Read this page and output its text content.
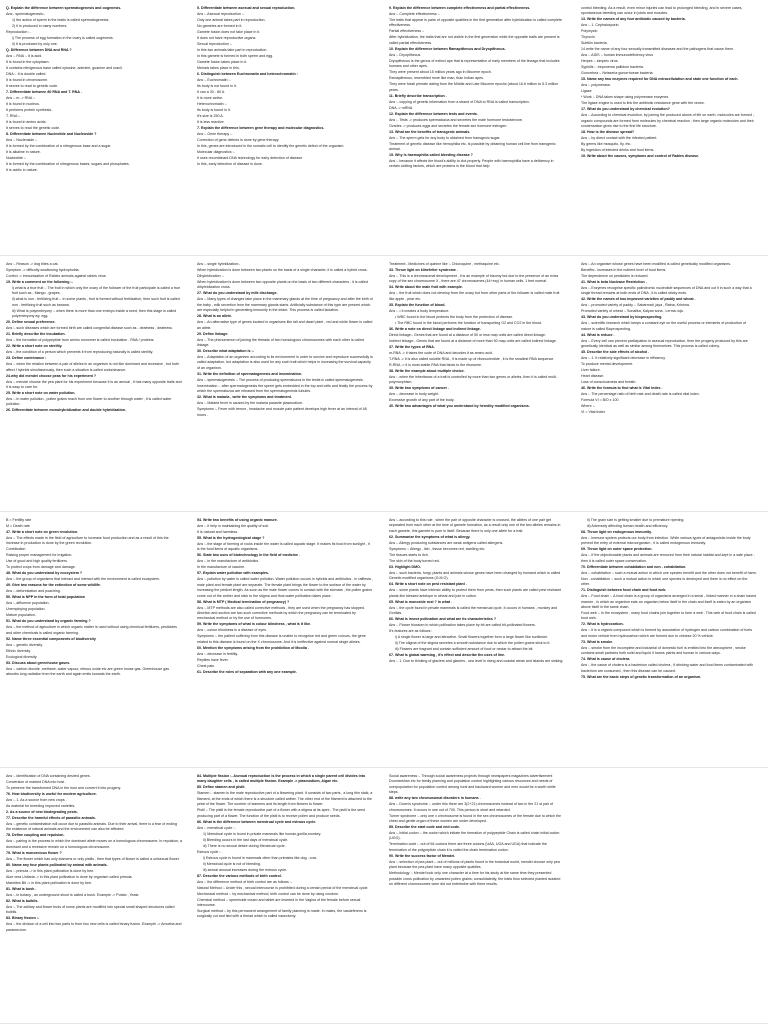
Q. Explain the difference between spermatogenesis and oogenesis.

Ans:- spermatogenesis:-

1) the action of sperm in the testis is called spermatogenesis.

2) It is produced in many numbers.

Reproduction :-

i) The process of egg formation in the ovary is called oogenesis.

ii) It is produced by only one.

Q. Difference between DNA and RNA ?

Ans :- RNA :- It is acid.

It is found in the cytoplasm.

It contains nitrogenous base called cytosine, adenine, guanine and uracil.

DNA :- It is double called.

It is found in chromosome.

It serves to read to genetic code.

7. Differentiate between 80 RNA and T. RNA .

Ans :- m -> RNA :-

It is found in nucleus.

It performs protein synthesis.

T. RNA :-

It is found in amino acids.

It serves to read the genetic code.

8. Differentiate between Nucleotide and Nucleoside ?

Ans :- Nucleoside :-

It is formed by the combination of a nitrogenous base and a sugar.

It is alkaline in nature.

Nucleotide :-

It is formed by the combination of nitrogenous bases, sugars and phosphates.

It is acidic in nature.

5. Differentiate between asexual and sexual reproduction.

Ans :- Asexual reproduction :-

Only one animal takes part in reproduction.

No gametes are formed in it.

Gamete fusion does not take place in it.

It does not have reproductive organs.

Sexual reproduction :-

In this two animals take part in reproduction.

In this gamete is formed in both sperm and egg.

Gamete fusion takes place in it.

Meiosis takes place in this.

6. Distinguish between Euchromatin and heterochromatin :

Ans :- Euchromatin :-

Its body is not found in it.

It can a 30 - 80 A.

It is more active.

Heterochromatin :-

Its body is found in it.

It's size is 250 A.

It is less reactive.

7. Explain the difference between gene therapy and molecular diagnostics.

Ans :- Gene therapy :-

Correction of gene defects is done by gene therapy.

In this, genes are introduced in the somatic cell to identify the genetic defect of the organism.

Molecular diagnostics :-

It uses recombinant DNA technology for early detection of disease.

In this, early detection of disease is done.

9. Explain the difference between complete effectiveness and partial effectiveness.

Ans :- Complete effectiveness :-

The traits that appear in pairs of opposite qualities in the first generation after hybridization is called complete effectiveness.

Partial effectiveness :-

After hybridization, the traits that are not visible in the first generation while the opposite traits are present is called partial effectiveness.

10. Explain the difference between Ramapithecus and Dryopithecus.

Ans :- Dryopithecus

Dryopithecus is the genus of extinct ape that is representative of early members of the lineage that includes humans and other apes.

They were present about 15 million years ago in Miocene epoch.

Ramapithecus, resembled more like man, than Indian apes.

They were fossil primate dating from the Middle and Late Miocene epochs (about 16.6 million to 5.3 million years.

11. Briefly describe transcription .

Ans :- copying of genetic information from a strand of DNA to RNA is called transcription.

DNA -> mRNA

12. Explain the difference between tests and events.

Ans :- Tests -> produces spermatozoa and secretes the male hormone testosterone.

Ovaries -> produces eggs and secretes the female sex hormone estrogen.

13. What are the benefits of transgenic animals.

Ans :- The sperm gets for any body to obtained from transgenic sugar.

Treatment of genetic disease like hemophilia etc. is possible by obtaining human cell line from transgenic animal.

15. Why is haemophilia called bleeding disease ?

Ans :- because it affects the blood's ability to clot properly. People with haemophilia have a deficiency in certain clotting factors, which are proteins in the blood that help

control bleeding. As a result, even minor injuries can lead to prolonged bleeding, and in severe cases, spontaneous bleeding can occur in joints and muscles.

13. Write the names of any four antibiotic caused by bacteria.

Ans :- 1. Cephalosporin

Polymyxin

Thyrocin

Subtilin bacteria.

14 write the name of any four sexually transmitted diseases and the pathogens that cause them.

Ans :- AIDS :- human immunodeficiency virus

Herpes :- simplex virus.

Syphilis :- treponema pallidum bacteria.

Gonorrhea :- Neisseria gonorrhoeae bacteria.

15. Name any two enzymes required for DNA extracellulation and state one function of each.

Ans :- polymerase.

Ligase

* Work :- DNA takes shape using polymerase enzymes.

The ligase engine is used to link the antibiotic resistance gene with the vector.

17. What do you understand by chemical evolution?

Ans :- According to chemical evolution, by joining the produced atoms of life on earth, molecules are formed ; organic compounds are formed from molecules by chemical reaction ; then large organic molecules and their condensation gives rise to the first life structure.

18. How is the disease spread?

Ans :- by direct contact with the infected patient.

By germs like mosquito, fly, etc.

By ingestion of infected drinks and food items.

19. Write about the causes, symptoms and control of Rabies disease.

Ans :- Reason -> dog bites a cat.

Symptom -> difficulty swallowing hydrophobia.

Control -> immunisation of Rabies animals against rabies virus.

19. Write a comment on the following :-

i) what is a true fruit :- The fruit in which only the ovary of the follower of the fruit participate is called a true fruit such as - Mango , grapes.

ii) what is non - fertilizing fruit :- In some plants , fruit is formed without fertilization, then such fruit is called non - fertilizing fruit such as banana.

iii) What is polyembryony :- when there is more than one embryo inside a seed, then this stage is called polyembryony eg: egg.

20. Define sexual preference.

Ans :- such diseases which are formed birth are called congenital disease such as - deafness , deafness.

21. Briefly describe the incubation.

Ans :- the formation of polypeptide from amino monomer is called incubation . RNA / proteins.

22. Write a short note on sterility.

Ans :- the condition of a person which prevents it from reproducing naturally is called sterility.

23. Define contrivance :

Ans :- when the relation between a pair of alleles in an organism is not like dominant and recessive , but both affect f hybrids simultaneously, then such a situation is called codominance.

24.why did mendel choose peas for his experiment ?

Ans :- mendel choose the pea plant for his experiment because it is an annual , it has many opposite traits and it is easy to care for.

25. Write a short note on water pollution.

Ans :- In water pollution , pollen grains reach from one flower to another through water , it is called water pollution.

26. Differentiate between monohybridization and double hybridization.

Ans :- single hybridization:-

When hybridization is done between two plants on the basis of a single character, it is called a hybrid cross.

Dihybridization :-

When hybridization is done between two opposite plants on the basis of two different characters , it is called dihybridization cross.

27. What do you understand by milk discharge.

Ans :- Many types of changes take place in the mammary glands at the time of pregnancy and after the birth of the baby , milk secretion from the mammary glands starts. Artificially substance of this type are present which are especially helpful in generating immunity in the infant. This process is called lactation.

28. What is an allele.

Ans :- An alternative type of genes located in organisms like tall and dwarf plant , red and white flower is called an allele.

29. Define linkage.

Ans :- The phenomenon of joining the threads of two homologous chromosomes with each other is called linkage.

30. Describe what adaptation is :-

Ans :- Adaptation of an organism according to its environment in order to survive and reproduce successfully is called adaptation, but adaptation is also used for any such trait which helps in increasing the survival capacity of an organism.

31. Write the definition of spermatogenesis and insemination.

Ans :- spermatogenesis :- The process of producing spermatozoa in the testis is called spermatogenesis.

Insemination :- after spermatogenesis the sperm gets embedded in the top and cells and finally the process by which the spermatozoa are released from the spermatogenesis tubules.

32. What is malaria , write the symptoms and treatment.

Ans :- Malaria fever is caused by the malaria parasite plasmodium.

Symptoms :- Fever with tremor , headache and muscle pain patient develops high fever at an interval of 48 hours .

Treatment:- Medicines of quinine like :- Chloroquine , methaquine etc.

33. Throw light on klinefelter syndrome .

Ans :- This is a chromosomal development , it is an example of trisomy but due to the presence of an extra copy of the sex chromosome X , there are 47 chromosomes (44+xxy) in human cells. 1 feet normal.

34. Write about the male fruit with example.

Ans :- the fruit which does not develop from the ovary but from other parts of the follower is called male fruit like apple , pear etc.

35. Explain the function of blood.

Ans :- • it creates a body temperature.

• WBC found in the blood protects the body from the protection of disease.

• The RBC found in the blood performs the function of transporting O2 and CO2 in the blood.

36. Write a note on direct linkage and indirect linkage.

Direct linkage:- Genes that are found at a distance of 50 or less map units are called direct linkage.

Indirect linkage:- Genes that are found at a distance of more than 50 map units are called indirect linkage.

37. Write the types of RNA.

m-RNA -> it takes the code of DNA and decodes it as amino acid.

T-RNA -> it is also called soluble RNA , it is made up of ribonucleotide , it is the smallest RNA sequence.

R-RNA -> it is most stable RNA that binds to the ribosome.

38. Write the example about multiple choice.

Ans :- when the inheritance of a trait is controlled by more than two genes or alleles, then it is called multi-polymorphism.

39. Write two symptoms of cancer .

Ans :- decrease in body weight.

Excessive growth of any part of the body.

40. Write two advantages of what you understand by heredity modified organisms.

Ans :- An organism whose genes have been modified is called genetically modified organisms.

Benefits:- increases in the nutrient level of food items.

The dependence on pesticides is reduced.

41. What is beta Nuclease Restriction .

Ans :- Enzymes recognise specific palindromic nucleotide sequences of DNA and cut it in such a way that a single thread remains at both ends of DNA , it is called sticky ends.

42. Write the names of two improved varieties of paddy and wheat .

Ans :- promoted variety of paddy :- Sabarmati, jaya , Ratna, Krishna.

Promoted variety of wheat :- Sonalika, Kalyan sona , Lerma roja.

43. What do you understand by bioprospecting.

Ans :- scientific research which keeps a constant eye on the useful process or elements of production of nature is called Bioprospecting.

44. What is reduce .

Ans :- Every cell can prevent participation in asexual reproduction, then the progeny produced by this are genetically identical as well as similar among themselves. This process is called colony.

45. Describe the side effects of alcohol .

Ans :- 1. It relatively significant decrease in efficiency.

To produce mental development.

Liver failure.

Heart disease.

Loss of consciousness and breath.

46. Write the formula to find what is Vital Index .

Ans :- The percentage ratio of birth rate and death rate is called vital index.

Formula VI = B/D x 100

Where :-

VI = Vital Index

B = Fertility rate

M = Death rate

47. Write a short note on green revolution.

Ans :- The effects made in the field of agriculture to increase food production and as a result of this the increase in production is done by the green revolution.

Contribution

Raising proper management for irrigation.

Use of good and high quality fertilizers.

To protect crops from damage and damage.

48. What do you understand by ecosystem ?

Ans :- the group of organisms that interact and interact with the environment is called ecosystem.

49. Give two reasons for the extinction of some wildlife.

Ans :- deforestation and poaching.

50. What is NPP in the form of total population

Ans :- affluence population.

Unemploying population.

Mature population.

51. What do you understand by organic farming ?

Ans :- the method of agriculture in which organic matter is used without using chemical fertilizers, pesticides and other chemicals is called organic farming.

52. Name three essential components of biodiversity

Ans :- genetic diversity.

Ethnic diversity.

Ecological diversity.

53. Discuss about greenhouse gases.

Ans :- carbon dioxide ,methane, water vapour, nitrous oxide etc are green house gas. Greenhouse gas absorbs long radiation from the earth and again emits towards the earth.

54. Write two benefits of using organic manure.

Ans :- it help in maintaining the quality of soil.

It is natural and harmless.

55. What is the hydrogeological stage ?

Ans :- the stage of forming of rocks inside the water is called aquatic stage. It makes its food from sunlight , it is the food items of aquatic organisms.

56. State two uses of biotechnology in the field of medicine .

Ans :- in the manufacture of antibiotics.

In the manufacture of vaccine.

57. Explain water pollution with examples.

Ans :- pollution by water is called water pollution. Water pollution occurs in hybrids and antibiotics . In rafflesia , male plant and female plant are separate. The female plant brings the flower to the surface of the water by increasing the pedicel length. As soon as the male flower comes in contact with the stomata , the pollen grains come out of the anther and stick to the stigma and thus water pollination takes place.

58. What is MTP ( Medical termination of pregnancy) ?

Ans :- MTP methods are also called corrective methods , they are used when the pregnancy has stopped. Abortion and suction are two such corrective methods by which the pregnancy can be terminated by mechanical method or by the use of hormones.

59. Write the symptoms of what is colour blindness , what is it like.

Ans :- colour blindness is a disease of eyes.

Symptoms :- the patient suffering from this disease is unable to recognise red and green colours, the gene related to this disease is found on the X chromosome. And it is ineffective against normal single alleles.

60. Mention the symptoms arising from the prohibition of Moolla .

Ans :- decrease in fertility.

Reptiles have fever.

Chest pain.

61. Describe the roles of separation with any one example.

Ans :- according to this rule , when the pair of opposite character is crossed, the alleles of one pair get separated from each other at the time of gamete formation, as a result only one of the two alleles remains in each gamete, this gamete is pure in itself. Because there is only one allele for a trait.

62. Summarize the symptoms of what is allergy.

Ans :- Allergy producing substances are weak antigens called allergens.

Symptoms :- Allergy , itch , tissue becomes red, swelling etc.

The tissues starts to itch.

The skin of the body turned red.

63. Highlight DMO.

Ans :- such bacteria, fungi, plants and animals whose genes have been changed by humand which is called Genetic modified organisms (G.M.O).

64. Write a short note on pest resistant plant .

Ans :- some plants have intrinsic ability to protect them from pests, then such plants are called pest resistant plants like blessed antelope in wheat and jute in cotton.

65. What is monoxide rust ? In what .

Ans :- the cycle found in private mammals is called the menstrual cycle, it occurs in humans , monkey and Gorillas.

66. What is insect pollination and what are its characteristics ?

Ans :- Flower blossom in which pollination takes place by bit are called bit-pollinated flowers.

It's features are as follows :

i) A single flower is large and attractive. Small flowers together form a large flower like sunflower.

ii) The stigma of the stigma secretes a smooth substance due to which the pollen grains stick to it.

iii) Flowers are fragrant and contain sufficient amount of food or nectar to attract the bit.

67. What is global warming , it's effect and describe the uses of line.

Ans :- 1. Due to thinking of glaciers and glaciers , sea level is rising and coastal areas and islands are sinking.

ii) The grain size is getting smaller due to premature ripening.

iii) Adversely affecting human health and efficiency.

68. Throw light on endogenous immunity.

Ans :- Immune system protects our body from infection. While various types of antagonistic inside the body prevent the entry of external microorganism , it is called endogenous immunity.

69. Throw light on outer space protection.

Ans :- If the objectionable plants and animals are removed from their natural habitat and kept in a safe place , then it is called outer space conservation.

70. Differentiate between cohabitation and non - cohabitation.

Ans :- cohabitation :- such a mutual action in which one species benefit and the other does not benefit of harm.

Non - cohabitation :- such a mutual action in which one species is destroyed and there is no effect on the other.

71. Distinguish between food chain and food web.

Ans :- Food chain :- A food chain is a group of organisms arranged in a serial - linked manner in a chain based manner , in which an organism eats an organism below itself in the chain and itself is eaten by an organism above itself in the same chain.

Food web :- In the ecosystem , many food chains join together to form a web . This web of food chain is called food web.

72. What is hydrocarbon.

Ans :- it is a organic compound which is formed by association of hydrogen and carbon combination of fuels and motor vehicle from hydrocarbon which are formed due to chinese 20 % vehicle.

73. What is smoke.

Ans :- smoke from the incomplete and industrial of domestic fuel is emitted into the atmosphere , smoke contains small particles both solid and liquid it harms plants and human in various ways.

74. What is cause of cholera.

Ans :- the cause of cholera is a bacterium called cholera , if drinking water and food items contaminated with bacterium are consumed , then this disease can be caused.

75. What are the basic steps of genetic transformation of an organism.

Ans :- identification of DNA containing desired genes.

Conversion of marked DNA into host .

To preserve the transformed DNA in the host and convert it into progeny.

76. How biodiversity is useful for modern agriculture.

Ans :- 1. As a source from new crops .

As material for breeding improved varieties.

2. As a source of new biodegrading pests.

77. Describe the harmful effects of parasitic animals.

Ans :- genetic contamination will occur due to parasitic animals. Due to their arrival, there is a fear of ending the existence of natural animals and the environment can also be affected.

78. Define coupling and repulsion.

Ans :- pairing is the process in which the dominant allele moves on a homologous chromosome. In repulsion, a dominant and a recessive remain on a homologous chromosome.

79. What is monoecious flower ?

Ans :- The flower which has only stamens or only pistils , then that types of flower is called a unisexual flower.

80. Name any four plants pollinated by animal with animals.

Ans :- primula -> in this plant pollination is done by bee.

Aloe vera Unitaria -> in this plant pollination is done by organism called primula.

Marmites Bit -> in this plant pollination is done by bee.

81. What is bush .

Ans :- in botany , an underground shoot is called a bush. Example -> Potato , Yeast.

82. What is bulbils.

Ans :- The axillary and flower buds of some plants are modified into special small shaped structures called bulbils.

83. Binary fission :-

Ans :- the division of a cell into two parts to from two new cells is called binary fusion. Example -> Amoeba and paramecium.

84. Multiple fission :- Asexual reproduction is the process in which a single parent cell divides into many daughter cells , is called multiple fission. Example -> plasmodium, Algae etc.

85. Define stamen and pistil.

Stamen :- stamen is the male reproductive part of a flowering plant. It consists of two parts , a long thin stalk, a filament, at the ends of which there is a structure called anther. The other end of the filament is attached to the petal of the flower. The number of stamens and its length from flowers to flower.

Pistil :- The pistil is the female reproductive part of a flower with a stigma at its apex . The pistil is the seed producing part of a flower. The function of the pistil is to receive pollen and produce seeds.

86. What is the difference between menstrual cycle and estrous cycle.

Ans :- menstrual cycle :-

1) Menstrual cycle is found in private mammals like human,gorilla,monkey.

ii) Bleeding occurs in the last days of menstrual cycle.

iii) There is no sexual desire during Menstrual cycle.

Estrous cycle :-

i) Estrous cycle is found in mammals other than primates like dog , cow.

ii) Menstrual cycle is not of bleeding.

iii) sexual arousal increases during the estrous cycle.

87. Describe the various methods of birth control.

Ans :- the difference method of birth control are as follows :-

Natural Method :- Under this , sexual intercourse is prohibited during a certain period of the menstrual cycle.

Mechanical method :- by mechanical method, birth control can be done by using condom.

Chemical method :- spermicide cream and tablet are inserted in the Vagina of the female before sexual intercourse.

Surgical method :- by this permanent arrangement of family planning is made. In males, the vasdeferens is surgically cut and tied with a thread which is called vasectomy.

Social awareness :- Through social awareness projects through newspapers magazines advertisement Doordarshan etc for family planning and population control highlighting various resources and needs of overpopulation for population control among rural and backward women and men would be a worth while steps.

88. write any two chromosomal disorders in humans .

Ans :- Down's syndrome :- under this there are 3(2+21) chromosomes instead of two in the 21 st pair of chromosomes. It occurs in one out of 700. This person is short and retarded.

Turner syndrome :- only one x chromosome is found in the sex chromosomes of the female due to which the chest and gentle organ of these women are under developed.

89. Describe the start code and end code.

Ans :- Initial codon :- the codon which initiate the formation of polypeptide Chain is called chain initial codon (UGG).

Termination code :- out of 64 codons there are three codons (UAA, UGA and UGA) that indicate the termination of the polypeptide chain it is called the chain termination codon.

90. Write the success factor of Mendel.

Ans :- selection of pea plant :- out of millions of plants found in the botanical world, mendel choose only pea plant because the pea plant have many opposite qualities.

Methodology :- Mendel took only one character at a time for his study at the same time they presented possible cross pollination by unwanted pollen grains; consolidatedly, the traits thus selected planted isolated on different chromosomes were did not entertwine with there results.
